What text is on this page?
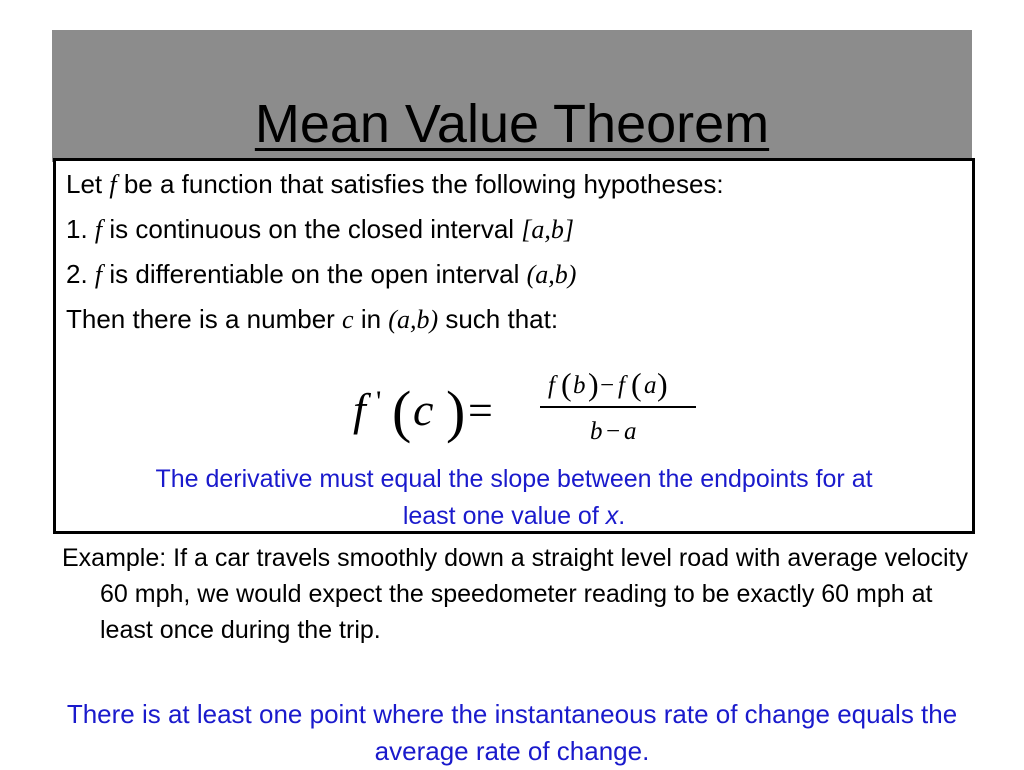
Mean Value Theorem
Let f be a function that satisfies the following hypotheses:
1. f is continuous on the closed interval [a,b]
2. f is differentiable on the open interval (a,b)
Then there is a number c in (a,b) such that:
f ' ( c ) =
f ( b ) − f ( a )
b − a
The derivative must equal the slope between the endpoints for at
least one value of x.
Example: If a car travels smoothly down a straight level road with average velocity 60 mph, we would expect the speedometer reading to be exactly 60 mph at least once during the trip.
There is at least one point where the instantaneous rate of change equals the average rate of change.
